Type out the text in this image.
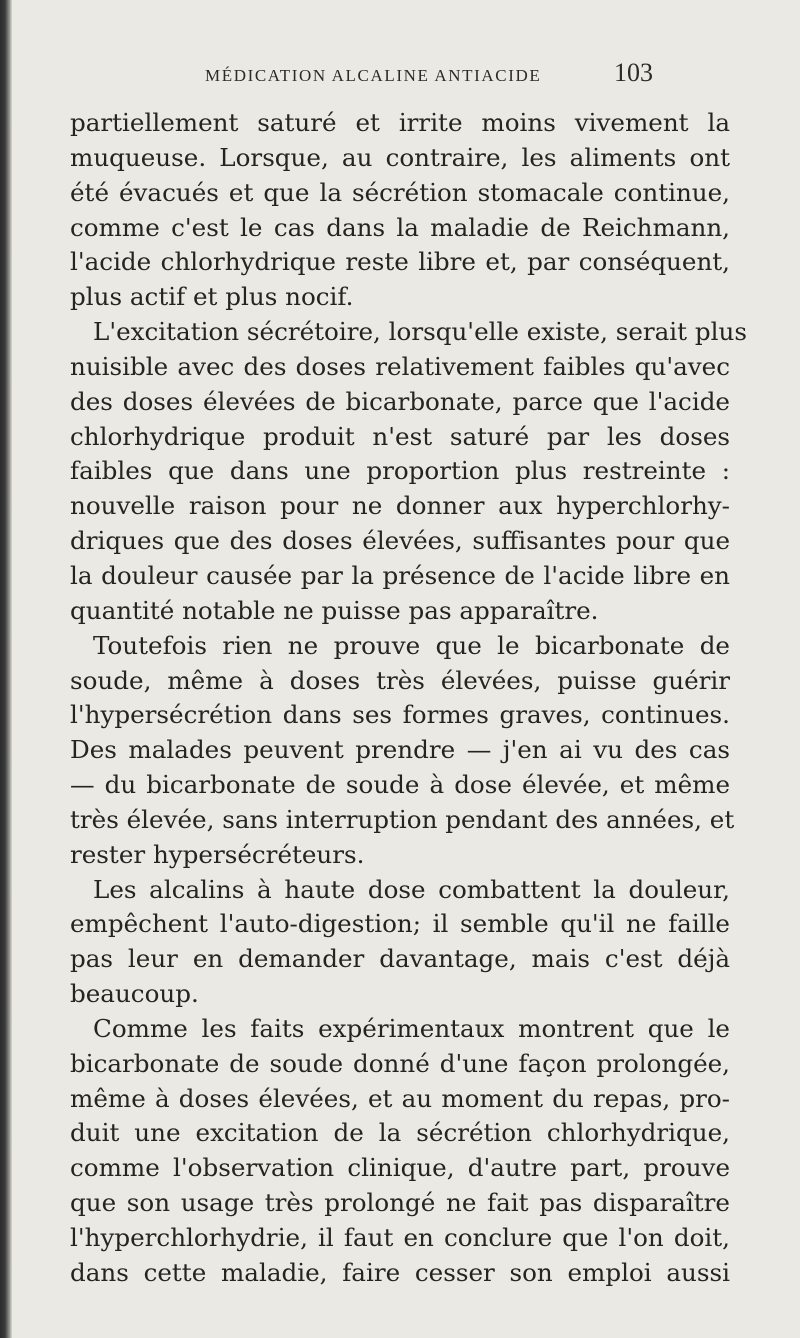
MÉDICATION ALCALINE ANTIACIDE	103
partiellement saturé et irrite moins vivement la
muqueuse. Lorsque, au contraire, les aliments ont
été évacués et que la sécrétion stomacale continue,
comme c'est le cas dans la maladie de Reichmann,
l'acide chlorhydrique reste libre et, par conséquent,
plus actif et plus nocif.
L'excitation sécrétoire, lorsqu'elle existe, serait plus
nuisible avec des doses relativement faibles qu'avec
des doses élevées de bicarbonate, parce que l'acide
chlorhydrique produit n'est saturé par les doses
faibles que dans une proportion plus restreinte :
nouvelle raison pour ne donner aux hyperchlorhy-
driques que des doses élevées, suffisantes pour que
la douleur causée par la présence de l'acide libre en
quantité notable ne puisse pas apparaître.
Toutefois rien ne prouve que le bicarbonate de
soude, même à doses très élevées, puisse guérir
l'hypersécrétion dans ses formes graves, continues.
Des malades peuvent prendre — j'en ai vu des cas
— du bicarbonate de soude à dose élevée, et même
très élevée, sans interruption pendant des années, et
rester hypersécréteurs.
Les alcalins à haute dose combattent la douleur,
empêchent l'auto-digestion; il semble qu'il ne faille
pas leur en demander davantage, mais c'est déjà
beaucoup.
Comme les faits expérimentaux montrent que le
bicarbonate de soude donné d'une façon prolongée,
même à doses élevées, et au moment du repas, pro-
duit une excitation de la sécrétion chlorhydrique,
comme l'observation clinique, d'autre part, prouve
que son usage très prolongé ne fait pas disparaître
l'hyperchlorhydrie, il faut en conclure que l'on doit,
dans cette maladie, faire cesser son emploi aussi
